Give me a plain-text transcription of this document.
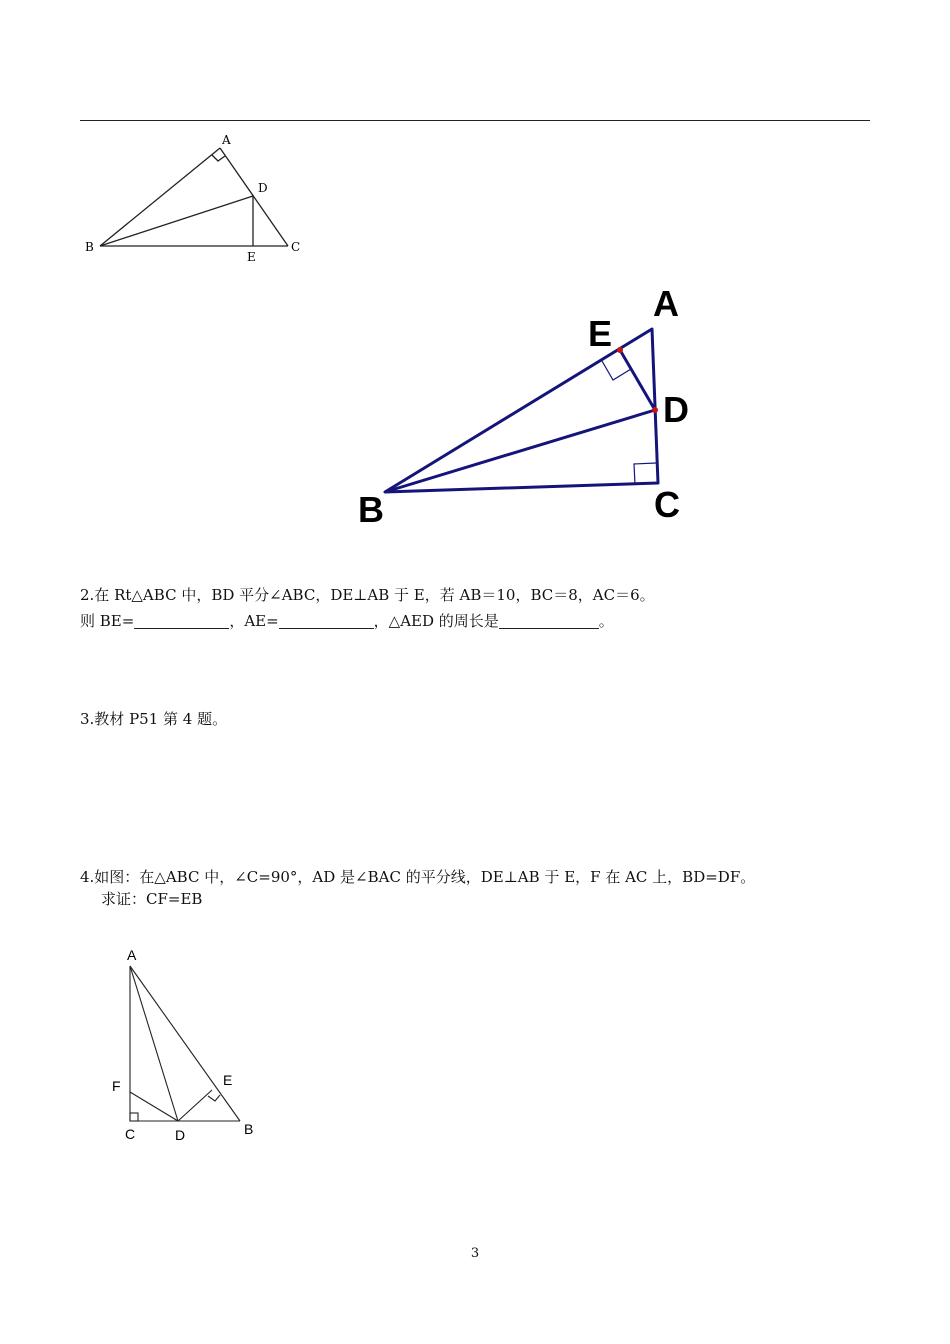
A
B	C
D
E
A
B	C
D
E
2.在 Rt△ABC 中，BD 平分∠ABC，DE⊥AB 于 E，若 AB＝10，BC＝8，AC＝6。
则 BE=	，AE=	，△AED 的周长是	。
3.教材 P51 第 4 题。
4.如图：在△ABC 中，∠C=90°，AD 是∠BAC 的平分线，DE⊥AB 于 E，F 在 AC 上，BD=DF。
求证：CF=EB
A
B
C	D
E
F
3
